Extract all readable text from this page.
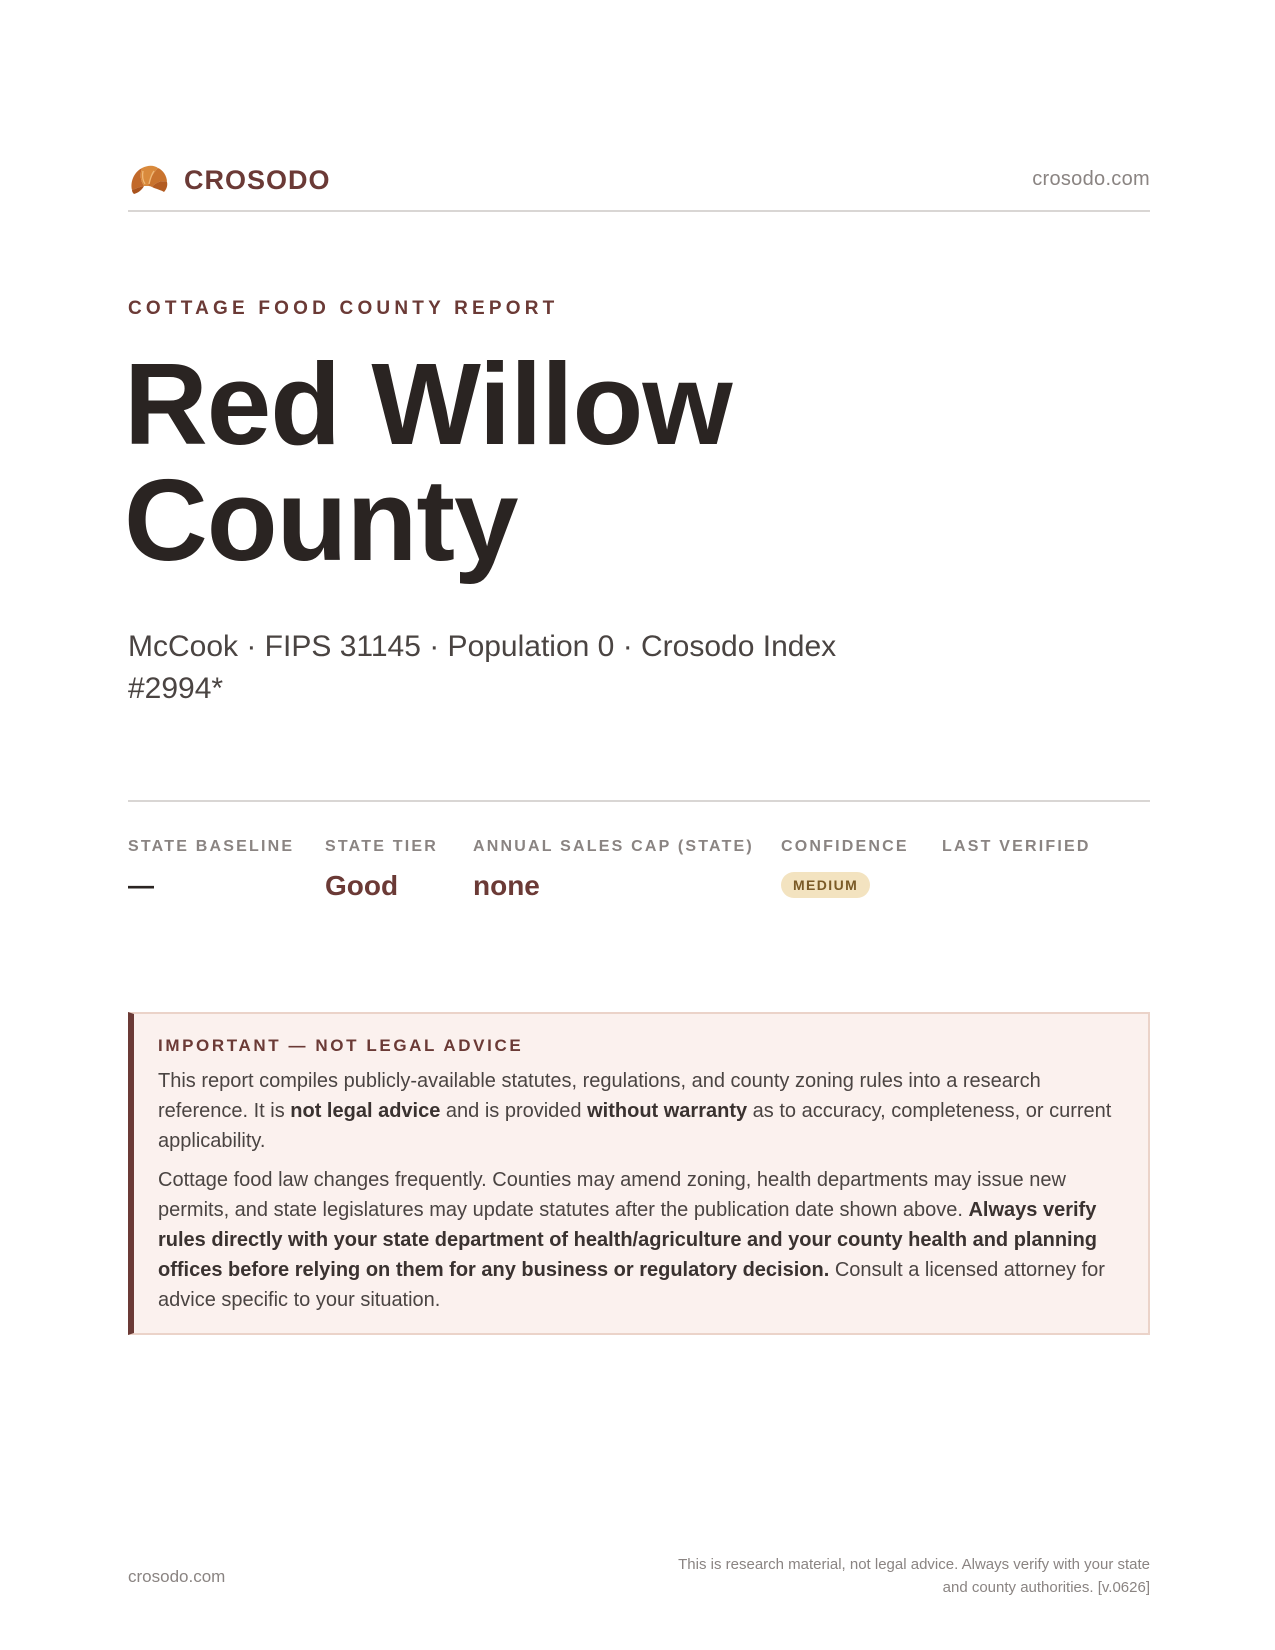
CROSODO	crosodo.com
COTTAGE FOOD COUNTY REPORT
Red Willow
County
McCook · FIPS 31145 · Population 0 · Crosodo Index #2994*
STATE BASELINE
—
STATE TIER
Good
ANNUAL SALES CAP (STATE)
none
CONFIDENCE
MEDIUM
LAST VERIFIED
IMPORTANT — NOT LEGAL ADVICE

This report compiles publicly-available statutes, regulations, and county zoning rules into a research reference. It is not legal advice and is provided without warranty as to accuracy, completeness, or current applicability.

Cottage food law changes frequently. Counties may amend zoning, health departments may issue new permits, and state legislatures may update statutes after the publication date shown above. Always verify rules directly with your state department of health/agriculture and your county health and planning offices before relying on them for any business or regulatory decision. Consult a licensed attorney for advice specific to your situation.

crosodo.com
This is research material, not legal advice. Always verify with your state
and county authorities. [v.0626]
